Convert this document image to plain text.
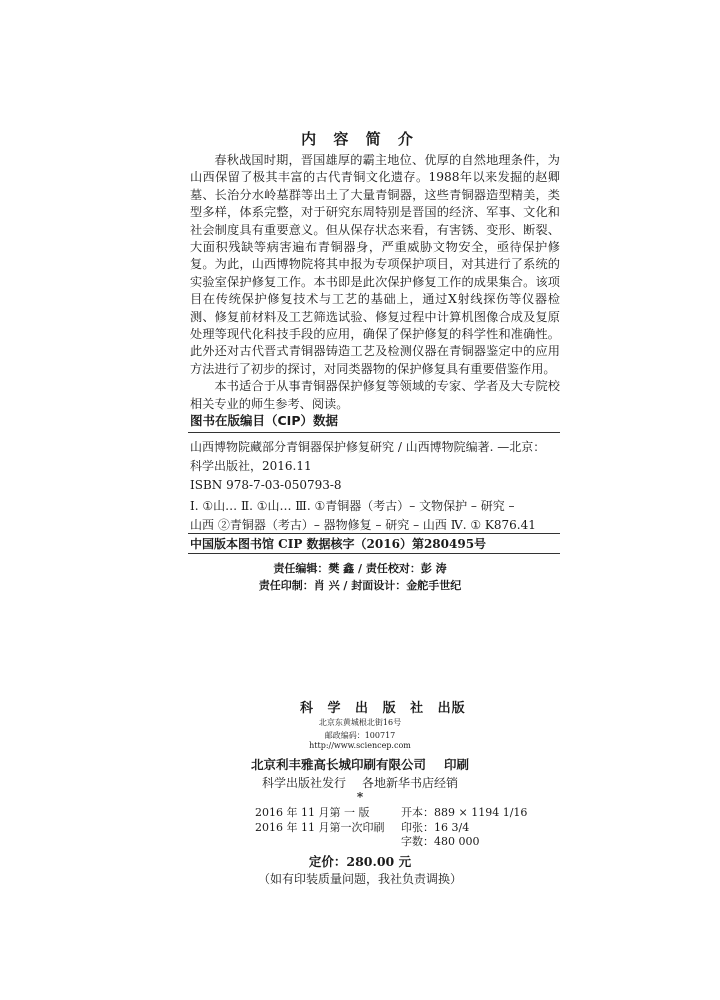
内 容 简 介

春秋战国时期，晋国雄厚的霸主地位、优厚的自然地理条件，为山西保留了极其丰富的古代青铜文化遗存。1988年以来发掘的赵卿墓、长治分水岭墓群等出土了大量青铜器，这些青铜器造型精美，类型多样，体系完整，对于研究东周特别是晋国的经济、军事、文化和社会制度具有重要意义。但从保存状态来看，有害锈、变形、断裂、大面积残缺等病害遍布青铜器身，严重威胁文物安全，亟待保护修复。为此，山西博物院将其申报为专项保护项目，对其进行了系统的实验室保护修复工作。本书即是此次保护修复工作的成果集合。该项目在传统保护修复技术与工艺的基础上，通过X射线探伤等仪器检测、修复前材料及工艺筛选试验、修复过程中计算机图像合成及复原处理等现代化科技手段的应用，确保了保护修复的科学性和准确性。此外还对古代晋式青铜器铸造工艺及检测仪器在青铜器鉴定中的应用方法进行了初步的探讨，对同类器物的保护修复具有重要借鉴作用。

本书适合于从事青铜器保护修复等领域的专家、学者及大专院校相关专业的师生参考、阅读。

图书在版编目（CIP）数据
山西博物院藏部分青铜器保护修复研究 / 山西博物院编著. —北京：
科学出版社，2016.11
ISBN 978-7-03-050793-8
Ⅰ. ①山… Ⅱ. ①山… Ⅲ. ①青铜器（考古）– 文物保护 – 研究 –
山西 ②青铜器（考古）– 器物修复 – 研究 – 山西 Ⅳ. ① K876.41
中国版本图书馆 CIP 数据核字（2016）第280495号
责任编辑：樊 鑫 / 责任校对：彭 涛
责任印制：肖 兴 / 封面设计：金舵手世纪
科 学 出 版 社 出版
北京东黄城根北街16号
邮政编码：100717
http://www.sciencep.com
北京利丰雅高长城印刷有限公司 印刷
科学出版社发行 各地新华书店经销
*
2016 年 11 月第 一 版	开本：889 × 1194 1/16
2016 年 11 月第一次印刷 印张：16 3/4
字数：480 000
定价：280.00 元
（如有印装质量问题，我社负责调换）
